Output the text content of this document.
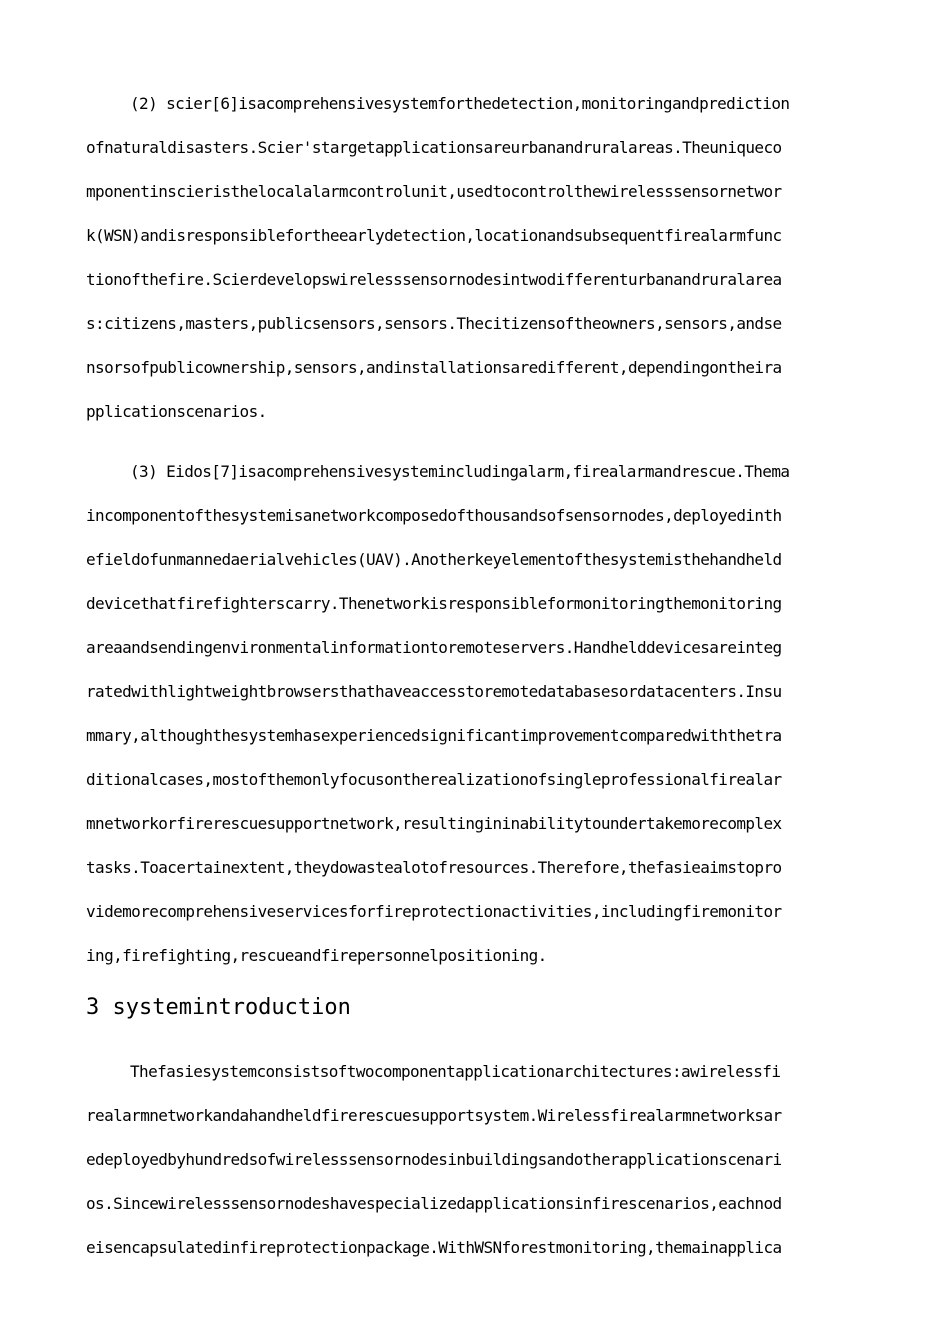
(2) scier[6]isacomprehensivesystemforthedetection,monitoringandprediction
ofnaturaldisasters.Scier'stargetapplicationsareurbanandruralareas.Theuniqueco
mponentinscieristhelocalalarmcontrolunit,usedtocontrolthewirelesssensornetwor
k(WSN)andisresponsiblefortheearlydetection,locationandsubsequentfirealarmfunc
tionofthefire.Scierdevelopswirelesssensornodesintwodifferenturbanandruralarea
s:citizens,masters,publicsensors,sensors.Thecitizensoftheowners,sensors,andse
nsorsofpublicownership,sensors,andinstallationsaredifferent,dependingontheira
pplicationscenarios.

(3) Eidos[7]isacomprehensivesystemincludingalarm,firealarmandrescue.Thema
incomponentofthesystemisanetworkcomposedofthousandsofsensornodes,deployedinth
efieldofunmannedaerialvehicles(UAV).Anotherkeyelementofthesystemisthehandheld
devicethatfirefighterscarry.Thenetworkisresponsibleformonitoringthemonitoring
areaandsendingenvironmentalinformationtoremoteservers.Handhelddevicesareinteg
ratedwithlightweightbrowsersthathaveaccesstoremotedatabasesordatacenters.Insu
mmary,althoughthesystemhasexperiencedsignificantimprovementcomparedwiththetra
ditionalcases,mostofthemonlyfocusontherealizationofsingleprofessionalfirealar
mnetworkorfirerescuesupportnetwork,resultingininabilitytoundertakemorecomplex
tasks.Toacertainextent,theydowastealotofresources.Therefore,thefasieaimstopro
videmorecomprehensiveservicesforfireprotectionactivities,includingfiremonitor
ing,firefighting,rescueandfirepersonnelpositioning.

3 systemintroduction

Thefasiesystemconsistsoftwocomponentapplicationarchitectures:awirelessfi
realarmnetworkandahandheldfirerescuesupportsystem.Wirelessfirealarmnetworksar
edeployedbyhundredsofwirelesssensornodesinbuildingsandotherapplicationscenari
os.Sincewirelesssensornodeshavespecializedapplicationsinfirescenarios,eachnod
eisencapsulatedinfireprotectionpackage.WithWSNforestmonitoring,themainapplica
